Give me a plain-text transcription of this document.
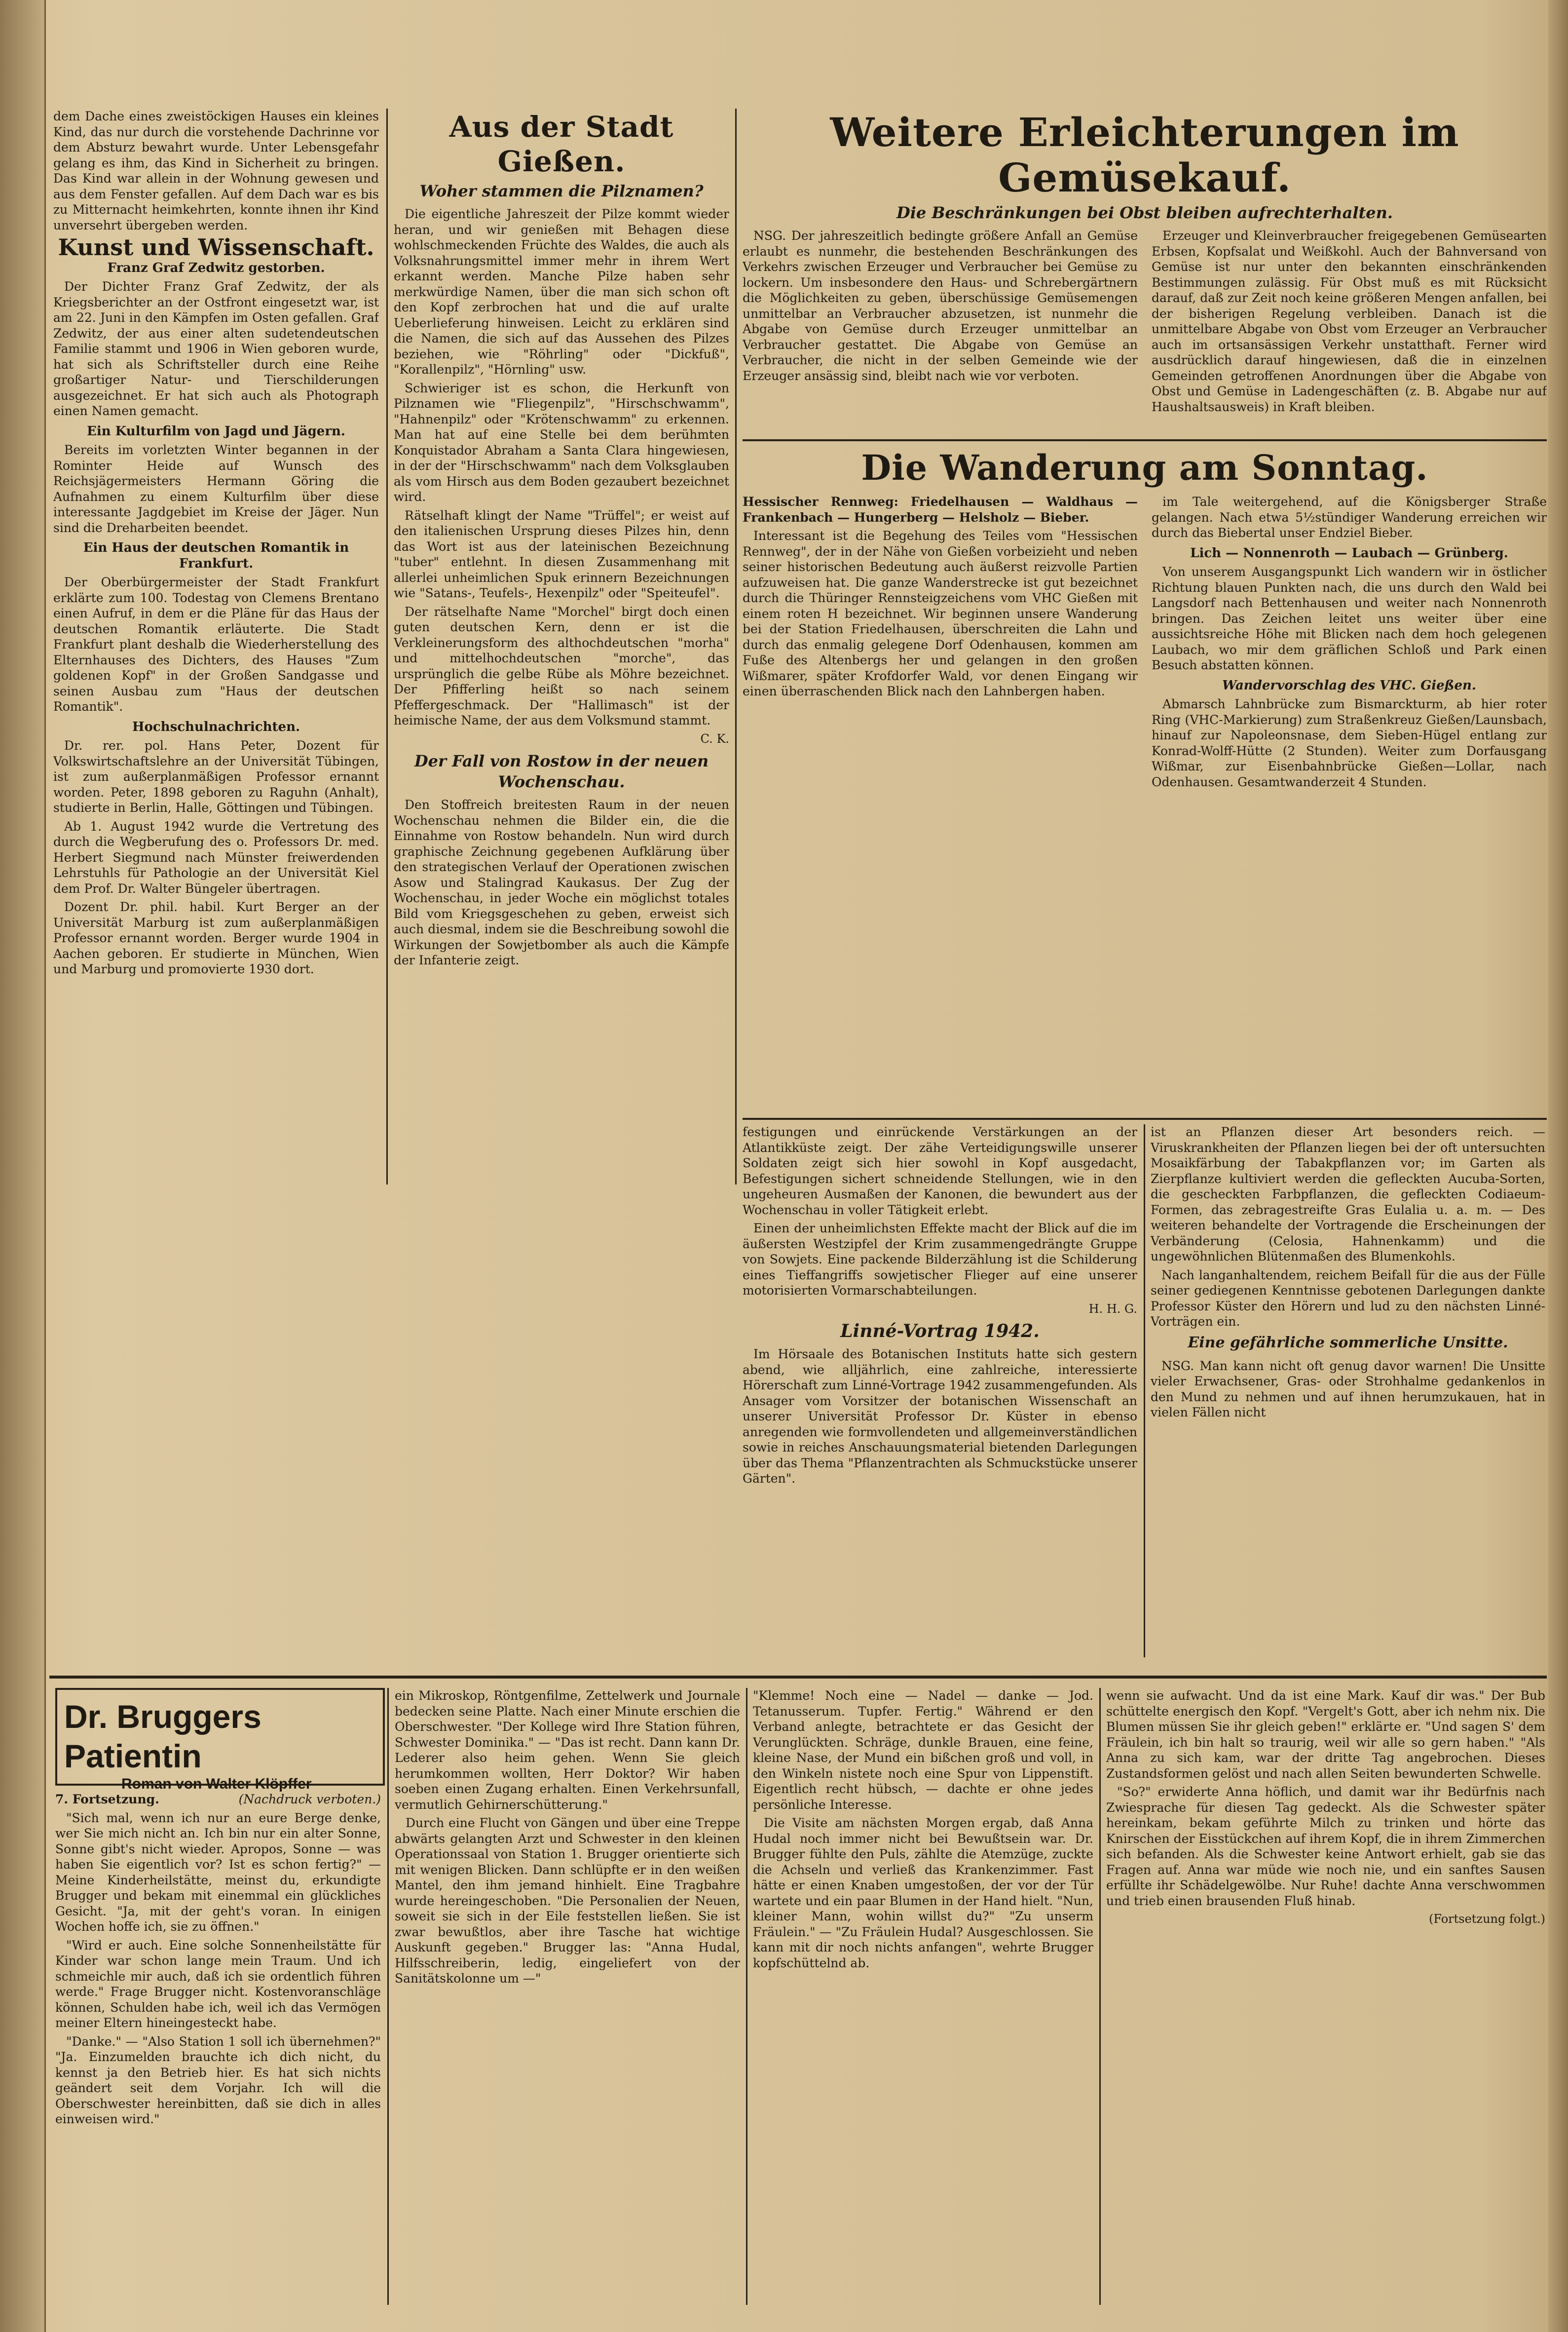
dem Dache eines zweistöckigen Hauses ein kleines Kind, das nur durch die vorstehende Dachrinne vor dem Absturz bewahrt wurde. Unter Lebensgefahr gelang es ihm, das Kind in Sicherheit zu bringen. Das Kind war allein in der Wohnung gewesen und aus dem Fenster gefallen. Auf dem Dach war es bis zu Mitternacht heimkehrten, konnte ihnen ihr Kind unversehrt übergeben werden.

Kunst und Wissenschaft.
Franz Graf Zedwitz gestorben.

Der Dichter Franz Graf Zedwitz, der als Kriegsberichter an der Ostfront eingesetzt war, ist am 22. Juni in den Kämpfen im Osten gefallen. Graf Zedwitz, der aus einer alten sudetendeutschen Familie stammt und 1906 in Wien geboren wurde, hat sich als Schriftsteller durch eine Reihe großartiger Natur- und Tierschilderungen ausgezeichnet. Er hat sich auch als Photograph einen Namen gemacht.

Ein Kulturfilm von Jagd und Jägern.

Bereits im vorletzten Winter begannen in der Rominter Heide auf Wunsch des Reichsjägermeisters Hermann Göring die Aufnahmen zu einem Kulturfilm über diese interessante Jagdgebiet im Kreise der Jäger. Nun sind die Dreharbeiten beendet.

Ein Haus der deutschen Romantik in Frankfurt.

Der Oberbürgermeister der Stadt Frankfurt erklärte zum 100. Todestag von Clemens Brentano einen Aufruf, in dem er die Pläne für das Haus der deutschen Romantik erläuterte. Die Stadt Frankfurt plant deshalb die Wiederherstellung des Elternhauses des Dichters, des Hauses "Zum goldenen Kopf" in der Großen Sandgasse und seinen Ausbau zum "Haus der deutschen Romantik".

Hochschulnachrichten.

Dr. rer. pol. Hans Peter, Dozent für Volkswirtschaftslehre an der Universität Tübingen, ist zum außerplanmäßigen Professor ernannt worden. Peter, 1898 geboren zu Raguhn (Anhalt), studierte in Berlin, Halle, Göttingen und Tübingen.

Ab 1. August 1942 wurde die Vertretung des durch die Wegberufung des o. Professors Dr. med. Herbert Siegmund nach Münster freiwerdenden Lehrstuhls für Pathologie an der Universität Kiel dem Prof. Dr. Walter Büngeler übertragen.

Dozent Dr. phil. habil. Kurt Berger an der Universität Marburg ist zum außerplanmäßigen Professor ernannt worden. Berger wurde 1904 in Aachen geboren. Er studierte in München, Wien und Marburg und promovierte 1930 dort.

Aus der Stadt Gießen.
Woher stammen die Pilznamen?

Die eigentliche Jahreszeit der Pilze kommt wieder heran, und wir genießen mit Behagen diese wohlschmeckenden Früchte des Waldes, die auch als Volksnahrungsmittel immer mehr in ihrem Wert erkannt werden. Manche Pilze haben sehr merkwürdige Namen, über die man sich schon oft den Kopf zerbrochen hat und die auf uralte Ueberlieferung hinweisen. Leicht zu erklären sind die Namen, die sich auf das Aussehen des Pilzes beziehen, wie "Röhrling" oder "Dickfuß", "Korallenpilz", "Hörnling" usw.

Schwieriger ist es schon, die Herkunft von Pilznamen wie "Fliegenpilz", "Hirschschwamm", "Hahnenpilz" oder "Krötenschwamm" zu erkennen. Man hat auf eine Stelle bei dem berühmten Konquistador Abraham a Santa Clara hingewiesen, in der der "Hirschschwamm" nach dem Volksglauben als vom Hirsch aus dem Boden gezaubert bezeichnet wird.

Rätselhaft klingt der Name "Trüffel"; er weist auf den italienischen Ursprung dieses Pilzes hin, denn das Wort ist aus der lateinischen Bezeichnung "tuber" entlehnt. In diesen Zusammenhang mit allerlei unheimlichen Spuk erinnern Bezeichnungen wie "Satans-, Teufels-, Hexenpilz" oder "Speiteufel".

Der rätselhafte Name "Morchel" birgt doch einen guten deutschen Kern, denn er ist die Verkleinerungsform des althochdeutschen "morha" und mittelhochdeutschen "morche", das ursprünglich die gelbe Rübe als Möhre bezeichnet. Der Pfifferling heißt so nach seinem Pfeffergeschmack. Der "Hallimasch" ist der heimische Name, der aus dem Volksmund stammt.

C. K.
Der Fall von Rostow in der neuen Wochenschau.

Den Stoffreich breitesten Raum in der neuen Wochenschau nehmen die Bilder ein, die die Einnahme von Rostow behandeln. Nun wird durch graphische Zeichnung gegebenen Aufklärung über den strategischen Verlauf der Operationen zwischen Asow und Stalingrad Kaukasus. Der Zug der Wochenschau, in jeder Woche ein möglichst totales Bild vom Kriegsgeschehen zu geben, erweist sich auch diesmal, indem sie die Beschreibung sowohl die Wirkungen der Sowjetbomber als auch die Kämpfe der Infanterie zeigt.

Weitere Erleichterungen im Gemüsekauf.
Die Beschränkungen bei Obst bleiben aufrechterhalten.

NSG. Der jahreszeitlich bedingte größere Anfall an Gemüse erlaubt es nunmehr, die bestehenden Beschränkungen des Verkehrs zwischen Erzeuger und Verbraucher bei Gemüse zu lockern. Um insbesondere den Haus- und Schrebergärtnern die Möglichkeiten zu geben, überschüssige Gemüsemengen unmittelbar an Verbraucher abzusetzen, ist nunmehr die Abgabe von Gemüse durch Erzeuger unmittelbar an Verbraucher gestattet. Die Abgabe von Gemüse an Verbraucher, die nicht in der selben Gemeinde wie der Erzeuger ansässig sind, bleibt nach wie vor verboten.

Erzeuger und Kleinverbraucher freigegebenen Gemüsearten Erbsen, Kopfsalat und Weißkohl. Auch der Bahnversand von Gemüse ist nur unter den bekannten einschränkenden Bestimmungen zulässig. Für Obst muß es mit Rücksicht darauf, daß zur Zeit noch keine größeren Mengen anfallen, bei der bisherigen Regelung verbleiben. Danach ist die unmittelbare Abgabe von Obst vom Erzeuger an Verbraucher auch im ortsansässigen Verkehr unstatthaft. Ferner wird ausdrücklich darauf hingewiesen, daß die in einzelnen Gemeinden getroffenen Anordnungen über die Abgabe von Obst und Gemüse in Ladengeschäften (z. B. Abgabe nur auf Haushaltsausweis) in Kraft bleiben.

Die Wanderung am Sonntag.

Hessischer Rennweg: Friedelhausen — Waldhaus — Frankenbach — Hungerberg — Helsholz — Bieber.

Interessant ist die Begehung des Teiles vom "Hessischen Rennweg", der in der Nähe von Gießen vorbeizieht und neben seiner historischen Bedeutung auch äußerst reizvolle Partien aufzuweisen hat. Die ganze Wanderstrecke ist gut bezeichnet durch die Thüringer Rennsteigzeichens vom VHC Gießen mit einem roten H bezeichnet. Wir beginnen unsere Wanderung bei der Station Friedelhausen, überschreiten die Lahn und durch das enmalig gelegene Dorf Odenhausen, kommen am Fuße des Altenbergs her und gelangen in den großen Wißmarer, später Krofdorfer Wald, vor denen Eingang wir einen überraschenden Blick nach den Lahnbergen haben.

im Tale weitergehend, auf die Königsberger Straße gelangen. Nach etwa 5½stündiger Wanderung erreichen wir durch das Biebertal unser Endziel Bieber.

Lich — Nonnenroth — Laubach — Grünberg.

Von unserem Ausgangspunkt Lich wandern wir in östlicher Richtung blauen Punkten nach, die uns durch den Wald bei Langsdorf nach Bettenhausen und weiter nach Nonnenroth bringen. Das Zeichen leitet uns weiter über eine aussichtsreiche Höhe mit Blicken nach dem hoch gelegenen Laubach, wo mir dem gräflichen Schloß und Park einen Besuch abstatten können.

Wandervorschlag des VHC. Gießen.

Abmarsch Lahnbrücke zum Bismarckturm, ab hier roter Ring (VHC-Markierung) zum Straßenkreuz Gießen/Launsbach, hinauf zur Napoleonsnase, dem Sieben-Hügel entlang zur Konrad-Wolff-Hütte (2 Stunden). Weiter zum Dorfausgang Wißmar, zur Eisenbahnbrücke Gießen—Lollar, nach Odenhausen. Gesamtwanderzeit 4 Stunden.

festigungen und einrückende Verstärkungen an der Atlantikküste zeigt. Der zähe Verteidigungswille unserer Soldaten zeigt sich hier sowohl in Kopf ausgedacht, Befestigungen sichert schneidende Stellungen, wie in den ungeheuren Ausmaßen der Kanonen, die bewundert aus der Wochenschau in voller Tätigkeit erlebt.

Einen der unheimlichsten Effekte macht der Blick auf die im äußersten Westzipfel der Krim zusammengedrängte Gruppe von Sowjets. Eine packende Bilderzählung ist die Schilderung eines Tieffangriffs sowjetischer Flieger auf eine unserer motorisierten Vormarschabteilungen.

H. H. G.
Linné-Vortrag 1942.

Im Hörsaale des Botanischen Instituts hatte sich gestern abend, wie alljährlich, eine zahlreiche, interessierte Hörerschaft zum Linné-Vortrage 1942 zusammengefunden. Als Ansager vom Vorsitzer der botanischen Wissenschaft an unserer Universität Professor Dr. Küster in ebenso anregenden wie formvollendeten und allgemeinverständlichen sowie in reiches Anschauungsmaterial bietenden Darlegungen über das Thema "Pflanzentrachten als Schmuckstücke unserer Gärten".

ist an Pflanzen dieser Art besonders reich. — Viruskrankheiten der Pflanzen liegen bei der oft untersuchten Mosaikfärbung der Tabakpflanzen vor; im Garten als Zierpflanze kultiviert werden die gefleckten Aucuba-Sorten, die gescheckten Farbpflanzen, die gefleckten Codiaeum-Formen, das zebragestreifte Gras Eulalia u. a. m. — Des weiteren behandelte der Vortragende die Erscheinungen der Verbänderung (Celosia, Hahnenkamm) und die ungewöhnlichen Blütenmaßen des Blumenkohls.

Nach langanhaltendem, reichem Beifall für die aus der Fülle seiner gediegenen Kenntnisse gebotenen Darlegungen dankte Professor Küster den Hörern und lud zu den nächsten Linné-Vorträgen ein.

Eine gefährliche sommerliche Unsitte.

NSG. Man kann nicht oft genug davor warnen! Die Unsitte vieler Erwachsener, Gras- oder Strohhalme gedankenlos in den Mund zu nehmen und auf ihnen herumzukauen, hat in vielen Fällen nicht

Dr. Bruggers Patientin
Roman von Walter Klöpffer
7. Fortsetzung.	(Nachdruck verboten.)

"Sich mal, wenn ich nur an eure Berge denke, wer Sie mich nicht an. Ich bin nur ein alter Sonne, Sonne gibt's nicht wieder. Apropos, Sonne — was haben Sie eigentlich vor? Ist es schon fertig?" — Meine Kinderheilstätte, meinst du, erkundigte Brugger und bekam mit einemmal ein glückliches Gesicht. "Ja, mit der geht's voran. In einigen Wochen hoffe ich, sie zu öffnen."

"Wird er auch. Eine solche Sonnenheilstätte für Kinder war schon lange mein Traum. Und ich schmeichle mir auch, daß ich sie ordentlich führen werde." Frage Brugger nicht. Kostenvoranschläge können, Schulden habe ich, weil ich das Vermögen meiner Eltern hineingesteckt habe.

"Danke." — "Also Station 1 soll ich übernehmen?" "Ja. Einzumelden brauchte ich dich nicht, du kennst ja den Betrieb hier. Es hat sich nichts geändert seit dem Vorjahr. Ich will die Oberschwester hereinbitten, daß sie dich in alles einweisen wird."

ein Mikroskop, Röntgenfilme, Zettelwerk und Journale bedecken seine Platte. Nach einer Minute erschien die Oberschwester. "Der Kollege wird Ihre Station führen, Schwester Dominika." — "Das ist recht. Dann kann Dr. Lederer also heim gehen. Wenn Sie gleich herumkommen wollten, Herr Doktor? Wir haben soeben einen Zugang erhalten. Einen Verkehrsunfall, vermutlich Gehirnerschütterung."

Durch eine Flucht von Gängen und über eine Treppe abwärts gelangten Arzt und Schwester in den kleinen Operationssaal von Station 1. Brugger orientierte sich mit wenigen Blicken. Dann schlüpfte er in den weißen Mantel, den ihm jemand hinhielt. Eine Tragbahre wurde hereingeschoben. "Die Personalien der Neuen, soweit sie sich in der Eile feststellen ließen. Sie ist zwar bewußtlos, aber ihre Tasche hat wichtige Auskunft gegeben." Brugger las: "Anna Hudal, Hilfsschreiberin, ledig, eingeliefert von der Sanitätskolonne um —"

"Klemme! Noch eine — Nadel — danke — Jod. Tetanusserum. Tupfer. Fertig." Während er den Verband anlegte, betrachtete er das Gesicht der Verunglückten. Schräge, dunkle Brauen, eine feine, kleine Nase, der Mund ein bißchen groß und voll, in den Winkeln nistete noch eine Spur von Lippenstift. Eigentlich recht hübsch, — dachte er ohne jedes persönliche Interesse.

Die Visite am nächsten Morgen ergab, daß Anna Hudal noch immer nicht bei Bewußtsein war. Dr. Brugger fühlte den Puls, zählte die Atemzüge, zuckte die Achseln und verließ das Krankenzimmer. Fast hätte er einen Knaben umgestoßen, der vor der Tür wartete und ein paar Blumen in der Hand hielt. "Nun, kleiner Mann, wohin willst du?" "Zu unserm Fräulein." — "Zu Fräulein Hudal? Ausgeschlossen. Sie kann mit dir noch nichts anfangen", wehrte Brugger kopfschüttelnd ab.

wenn sie aufwacht. Und da ist eine Mark. Kauf dir was." Der Bub schüttelte energisch den Kopf. "Vergelt's Gott, aber ich nehm nix. Die Blumen müssen Sie ihr gleich geben!" erklärte er. "Und sagen S' dem Fräulein, ich bin halt so traurig, weil wir alle so gern haben." "Als Anna zu sich kam, war der dritte Tag angebrochen. Dieses Zustandsformen gelöst und nach allen Seiten bewunderten Schwelle.

"So?" erwiderte Anna höflich, und damit war ihr Bedürfnis nach Zwiesprache für diesen Tag gedeckt. Als die Schwester später hereinkam, bekam geführte Milch zu trinken und hörte das Knirschen der Eisstückchen auf ihrem Kopf, die in ihrem Zimmerchen sich befanden. Als die Schwester keine Antwort erhielt, gab sie das Fragen auf. Anna war müde wie noch nie, und ein sanftes Sausen erfüllte ihr Schädelgewölbe. Nur Ruhe! dachte Anna verschwommen und trieb einen brausenden Fluß hinab.

(Fortsetzung folgt.)
